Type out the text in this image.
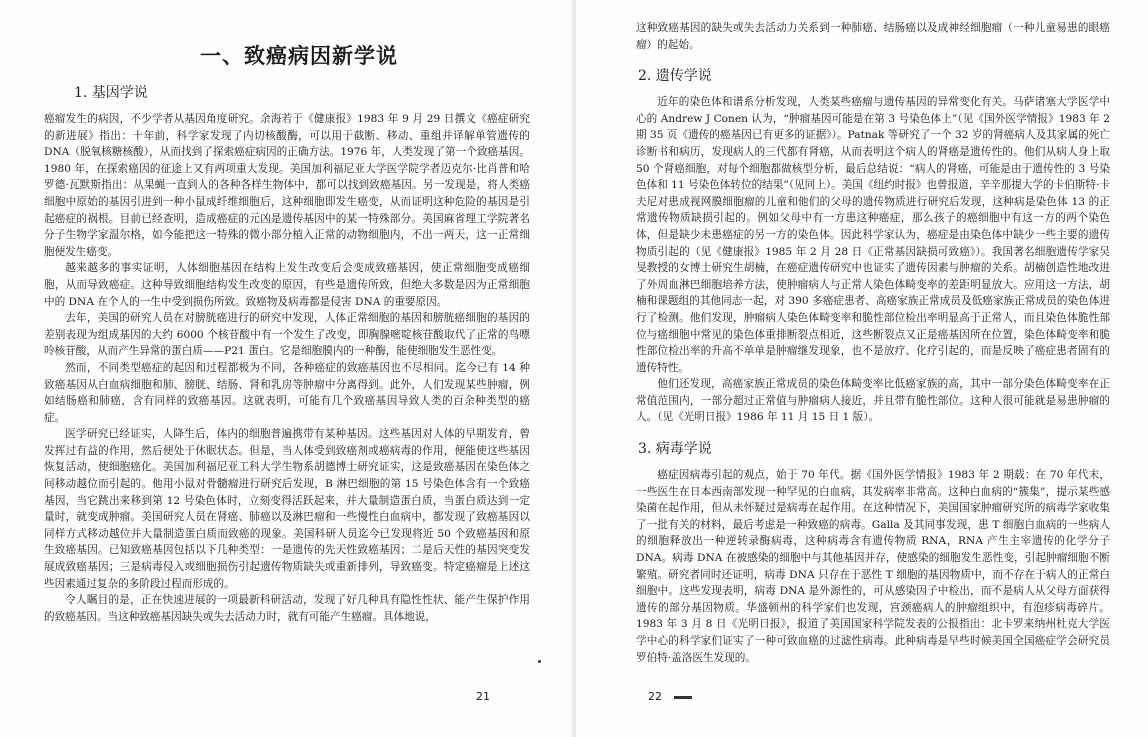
一、致癌病因新学说
1. 基因学说

癌瘤发生的病因，不少学者从基因角度研究。余海若于《健康报》1983 年 9 月 29 日撰文《癌症研究的新进展》指出：十年前，科学家发现了内切核酸酶，可以用于截断、移动、重组并译解单管遗传的 DNA（脱氧核糖核酸），从而找到了探索癌症病因的正确方法。1976 年，人类发现了第一个致癌基因。1980 年，在探索癌因的征途上又有两项重大发现。美国加利福尼亚大学医学院学者迈克尔·比肖普和哈罗德·瓦默斯指出：从果蝇一直到人的各种各样生物体中，都可以找到致癌基因。另一发现是，将人类癌细胞中原始的基因引进到一种小鼠成纤维细胞后，这种细胞即发生癌变，从而证明这种危险的基因是引起癌症的祸根。目前已经查明，造成癌症的元凶是遗传基因中的某一特殊部分。美国麻省理工学院著名分子生物学家温尔格，如今能把这一特殊的微小部分植入正常的动物细胞内，不出一两天，这一正常细胞便发生癌变。

越来越多的事实证明，人体细胞基因在结构上发生改变后会变成致癌基因，使正常细胞变成癌细胞，从而导致癌症。这种导致细胞结构发生改变的原因，有些是遗传所致，但绝大多数是因为正常细胞中的 DNA 在个人的一生中受到损伤所致。致癌物及病毒都是侵害 DNA 的重要原因。

去年，美国的研究人员在对膀胱癌进行的研究中发现，人体正常细胞的基因和膀胱癌细胞的基因的差别表现为组成基因的大约 6000 个核苷酸中有一个发生了改变，即胸腺嘧啶核苷酸取代了正常的鸟嘌呤核苷酸，从而产生异常的蛋白质——P21 蛋白。它是细胞膜内的一种酶，能使细胞发生恶性变。

然而，不同类型癌症的起因和过程都极为不同，各种癌症的致癌基因也不尽相同。迄今已有 14 种致癌基因从白血病细胞和肺、膀胱、结肠、肾和乳房等肿瘤中分离得到。此外，人们发现某些肿瘤，例如结肠癌和肺癌，含有同样的致癌基因。这就表明，可能有几个致癌基因导致人类的百余种类型的癌症。

医学研究已经证实，人降生后，体内的细胞普遍携带有某种基因。这些基因对人体的早期发育，曾发挥过有益的作用，然后便处于休眠状态。但是，当人体受到致癌剂或癌病毒的作用，便能使这些基因恢复活动，使细胞癌化。美国加利福尼亚工科大学生物系胡德博士研究证实，这是致癌基因在染色体之间移动越位而引起的。他用小鼠对骨髓瘤进行研究后发现，B 淋巴细胞的第 15 号染色体含有一个致癌基因，当它跳出来移到第 12 号染色体时，立刻变得活跃起来，并大量制造蛋白质，当蛋白质达到一定量时，就变成肿瘤。美国研究人员在肾癌、肺癌以及淋巴瘤和一些慢性白血病中，都发现了致癌基因以同样方式移动越位并大量制造蛋白质而致癌的现象。美国科研人员迄今已发现将近 50 个致癌基因和原生致癌基因。已知致癌基因包括以下几种类型：一是遗传的先天性致癌基因；二是后天性的基因突变发展成致癌基因；三是病毒侵入或细胞损伤引起遗传物质缺失或重新排列，导致癌变。特定癌瘤是上述这些因素通过复杂的多阶段过程而形成的。

令人瞩目的是，正在快速进展的一项最新科研活动，发现了好几种具有隐性性状、能产生保护作用的致癌基因。当这种致癌基因缺失或失去活动力时，就有可能产生癌瘤。具体地说，

21

这种致癌基因的缺失或失去活动力关系到一种肺癌、结肠癌以及成神经细胞瘤（一种儿童易患的眼癌瘤）的起始。

2. 遗传学说

近年的染色体和谱系分析发现，人类某些癌瘤与遗传基因的异常变化有关。马萨诸塞大学医学中心的 Andrew J Conen 认为，“肿瘤基因可能是在第 3 号染色体上”（见《国外医学情报》1983 年 2 期 35 页《遗传的癌基因已有更多的证据》）。Patnak 等研究了一个 32 岁的肾癌病人及其家属的死亡诊断书和病历，发现病人的三代都有肾癌，从而表明这个病人的肾癌是遗传性的。他们从病人身上取 50 个肾癌细胞，对每个细胞都做核型分析，最后总结说：“病人的肾癌，可能是由于遗传性的 3 号染色体和 11 号染色体转位的结果”（见同上）。美国《纽约时报》也曾报道，辛辛那提大学的卡伯斯特·卡夫尼对患成视网膜细胞瘤的儿童和他们的父母的遗传物质进行研究后发现，这种病是染色体 13 的正常遗传物质缺损引起的。例如父母中有一方患这种癌症，那么孩子的癌细胞中有这一方的两个染色体，但是缺少未患癌症的另一方的染色体。因此科学家认为，癌症是由染色体中缺少一些主要的遗传物质引起的（见《健康报》1985 年 2 月 28 日《正常基因缺损可致癌》）。我国著名细胞遗传学家吴旻教授的女博士研究生胡楠，在癌症遗传研究中也证实了遗传因素与肿瘤的关系。胡楠创造性地改进了外周血淋巴细胞培养方法，使肿瘤病人与正常人染色体畸变率的差距明显放大。应用这一方法，胡楠和课题组的其他同志一起，对 390 多癌症患者、高癌家族正常成员及低癌家族正常成员的染色体进行了检测。他们发现，肿瘤病人染色体畸变率和脆性部位检出率明显高于正常人，而且染色体脆性部位与癌细胞中常见的染色体重排断裂点相近，这些断裂点又正是癌基因所在位置，染色体畸变率和脆性部位检出率的升高不单单是肿瘤继发现象，也不是放疗、化疗引起的，而是反映了癌症患者固有的遗传特性。

他们还发现，高癌家族正常成员的染色体畸变率比低癌家族的高，其中一部分染色体畸变率在正常值范围内，一部分超过正常值与肿瘤病人接近，并且带有脆性部位。这种人很可能就是易患肿瘤的人。（见《光明日报》1986 年 11 月 15 日 1 版）。

3. 病毒学说

癌症因病毒引起的观点，始于 70 年代。据《国外医学情报》1983 年 2 期载：在 70 年代末，一些医生在日本西南部发现一种罕见的白血病，其发病率非常高。这种白血病的“簇集”，提示某些感染菌在起作用，但从未怀疑过是病毒在起作用。在这种情况下，美国国家肿瘤研究所的病毒学家收集了一批有关的材料，最后考虑是一种致癌的病毒。Galla 及其同事发现，患 T 细胞白血病的一些病人的细胞释放出一种逆转录酶病毒，这种病毒含有遗传物质 RNA，RNA 产生主宰遗传的化学分子 DNA。病毒 DNA 在被感染的细胞中与其他基因并存，使感染的细胞发生恶性变，引起肿瘤细胞不断繁殖。研究者同时还证明，病毒 DNA 只存在于恶性 T 细胞的基因物质中，而不存在于病人的正常白细胞中。这些发现表明，病毒 DNA 是外源性的，可从感染因子中检出，而不是病人从父母方面获得遗传的部分基因物质。华盛顿州的科学家们也发现，宫颈癌病人的肿瘤组织中，有泡疹病毒碎片。1983 年 3 月 8 日《光明日报》，报道了美国国家科学院发表的公报指出：北卡罗来纳州杜克大学医学中心的科学家们证实了一种可致血癌的过滤性病毒。此种病毒是早些时候美国全国癌症学会研究员罗伯特·盖洛医生发现的。

22
